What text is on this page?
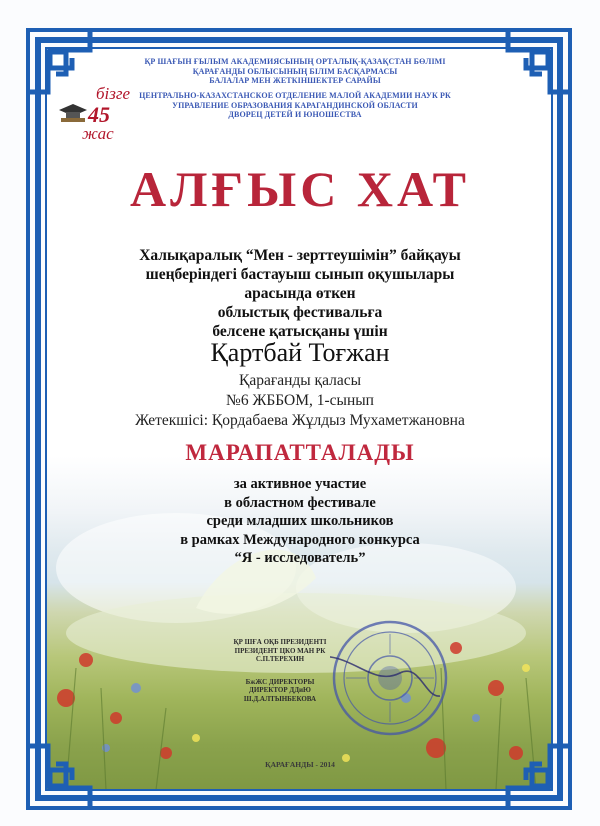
ҚР ШАҒЫН ҒЫЛЫМ АКАДЕМИЯСЫНЫҢ ОРТАЛЫҚ-ҚАЗАҚСТАН БӨЛІМІ
ҚАРАҒАНДЫ ОБЛЫСЫНЫҢ БІЛІМ БАСҚАРМАСЫ
БАЛАЛАР МЕН ЖЕТКІНШЕКТЕР САРАЙЫ
ЦЕНТРАЛЬНО-КАЗАХСТАНСКОЕ ОТДЕЛЕНИЕ МАЛОЙ АКАДЕМИИ НАУК РК
УПРАВЛЕНИЕ ОБРАЗОВАНИЯ КАРАГАНДИНСКОЙ ОБЛАСТИ
ДВОРЕЦ ДЕТЕЙ И ЮНОШЕСТВА
бізге
45
жас
АЛҒЫС ХАТ
Халықаралық “Мен - зерттеушімін” байқауы
шеңберіндегі бастауыш сынып оқушылары
арасында өткен
облыстық фестивальға
белсене қатысқаны үшін
Қартбай Тоғжан
Қарағанды қаласы
№6 ЖББОМ, 1-сынып
Жетекшісі: Қордабаева Жұлдыз Мухаметжановна
МАРАПАТТАЛАДЫ
за активное участие
в областном фестивале
среди младших школьников
в рамках Международного конкурса
“Я - исследователь”
ҚР ШҒА ОҚБ ПРЕЗИДЕНТІ
ПРЕЗИДЕНТ ЦКО МАН РК
С.П.ТЕРЕХИН
БжЖС ДИРЕКТОРЫ
ДИРЕКТОР ДДиЮ
Ш.Д.АЛТЫНБЕКОВА
ҚАРАҒАНДЫ - 2014
